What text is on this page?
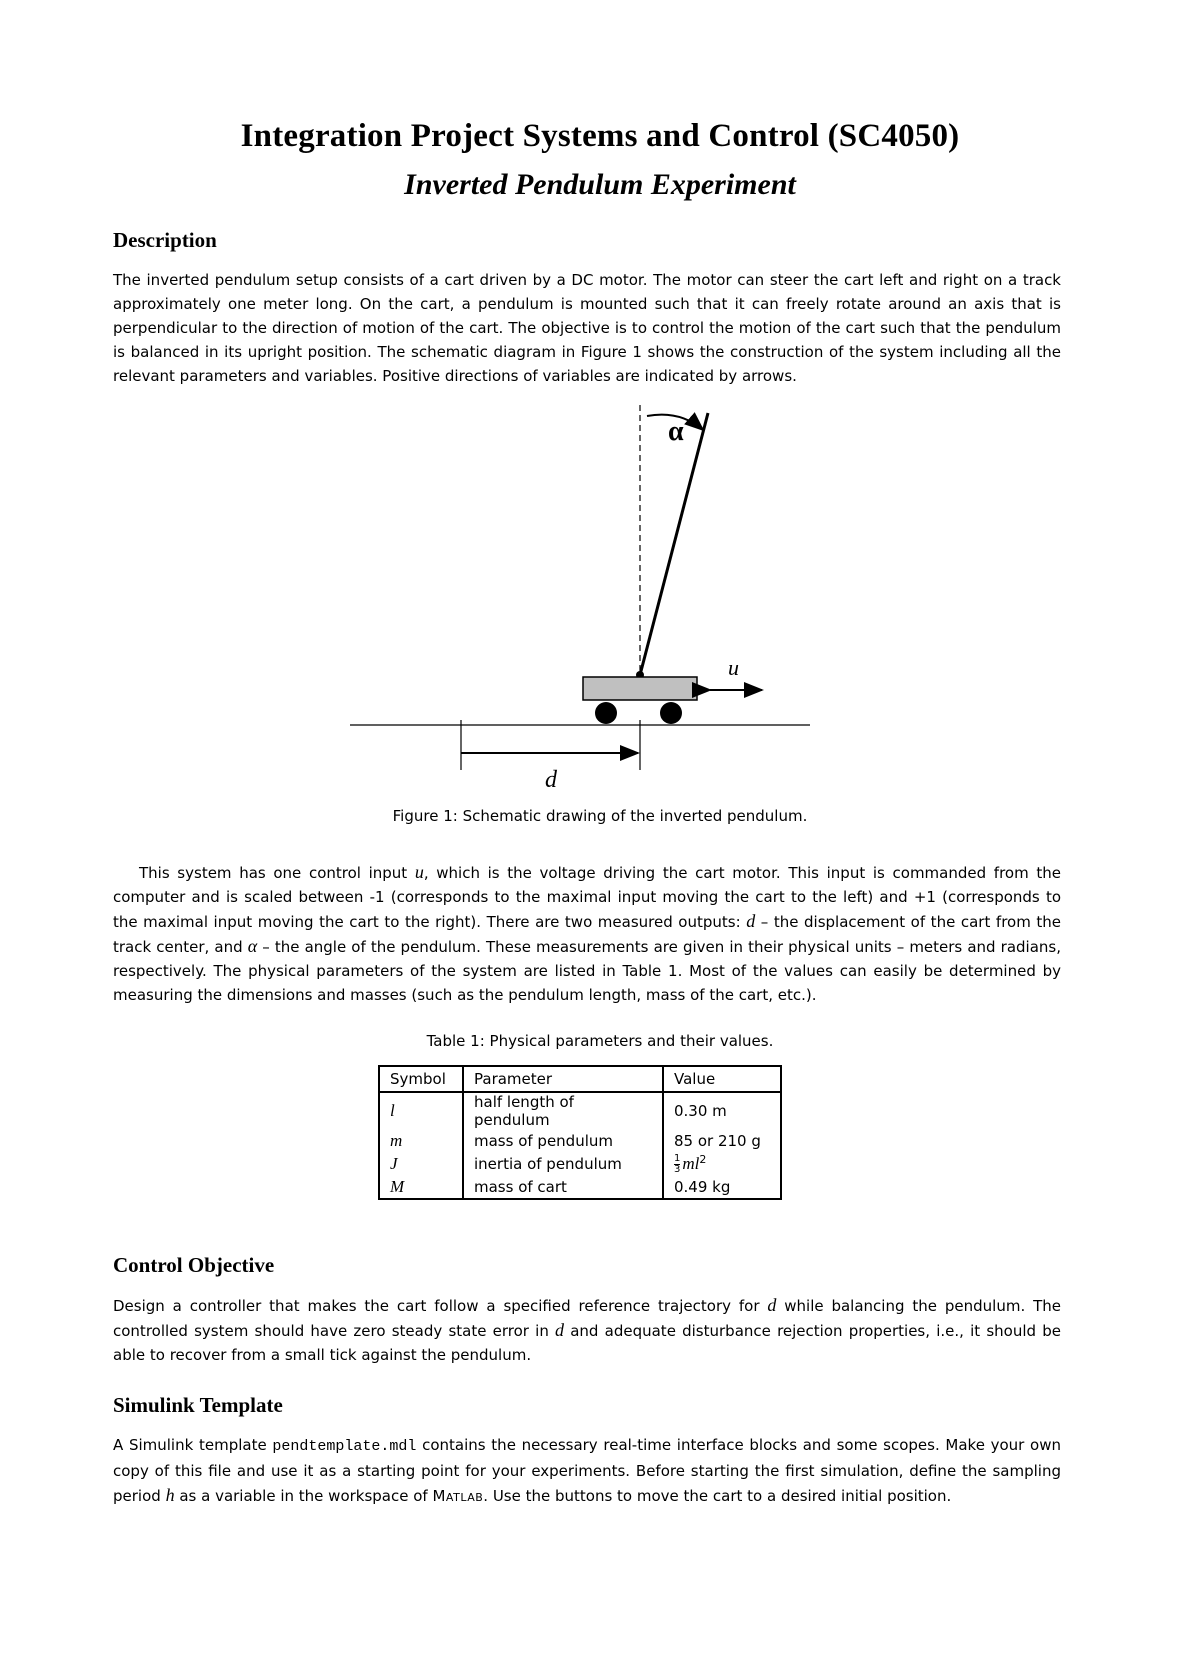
Integration Project Systems and Control (SC4050)
Inverted Pendulum Experiment
Description

The inverted pendulum setup consists of a cart driven by a DC motor. The motor can steer the cart left and right on a track approximately one meter long. On the cart, a pendulum is mounted such that it can freely rotate around an axis that is perpendicular to the direction of motion of the cart. The objective is to control the motion of the cart such that the pendulum is balanced in its upright position. The schematic diagram in Figure 1 shows the construction of the system including all the relevant parameters and variables. Positive directions of variables are indicated by arrows.

α
u
d
Figure 1: Schematic drawing of the inverted pendulum.

This system has one control input u, which is the voltage driving the cart motor. This input is commanded from the computer and is scaled between -1 (corresponds to the maximal input moving the cart to the left) and +1 (corresponds to the maximal input moving the cart to the right). There are two measured outputs: d – the displacement of the cart from the track center, and α – the angle of the pendulum. These measurements are given in their physical units – meters and radians, respectively. The physical parameters of the system are listed in Table 1. Most of the values can easily be determined by measuring the dimensions and masses (such as the pendulum length, mass of the cart, etc.).

Table 1: Physical parameters and their values.
Symbol	Parameter	Value
l	half length of pendulum	0.30 m
m	mass of pendulum	85 or 210 g
J	inertia of pendulum	$\frac{1}{3} ml^2$
M	mass of cart	0.49 kg
Control Objective

Design a controller that makes the cart follow a specified reference trajectory for d while balancing the pendulum. The controlled system should have zero steady state error in d and adequate disturbance rejection properties, i.e., it should be able to recover from a small tick against the pendulum.

Simulink Template

A Simulink template pendtemplate.mdl contains the necessary real-time interface blocks and some scopes. Make your own copy of this file and use it as a starting point for your experiments. Before starting the first simulation, define the sampling period h as a variable in the workspace of Matlab. Use the buttons to move the cart to a desired initial position.
